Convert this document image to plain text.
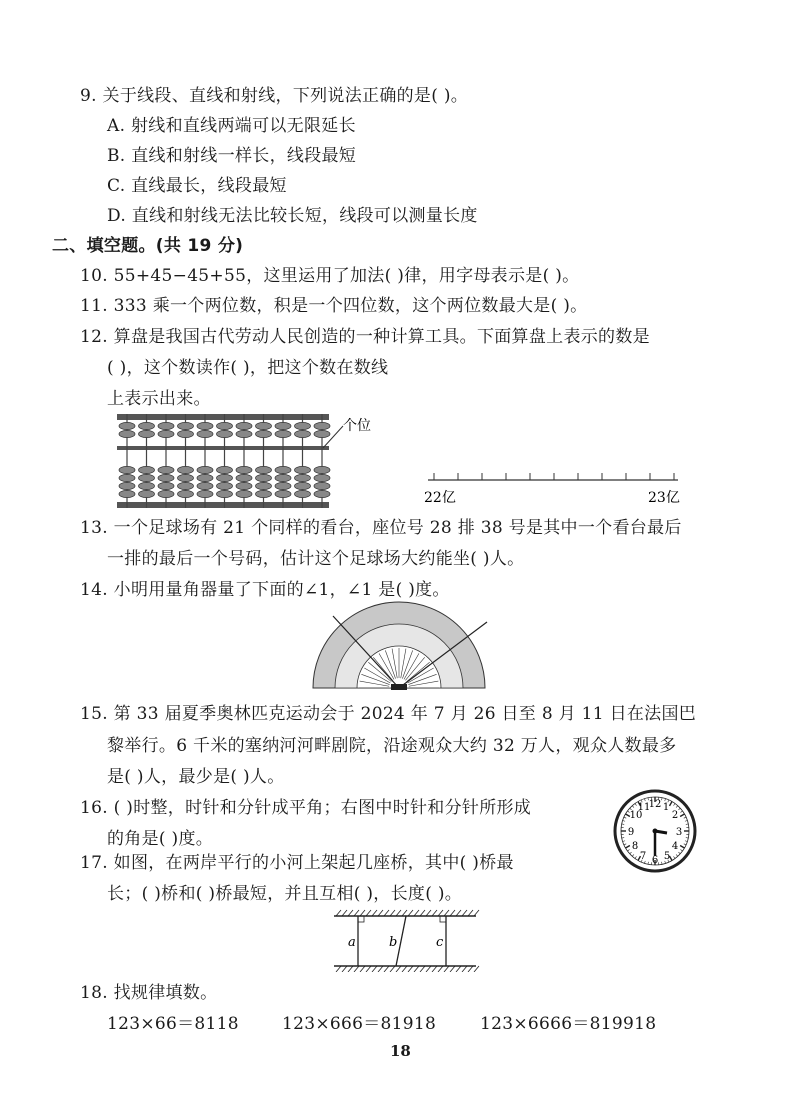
9. 关于线段、直线和射线，下列说法正确的是( )。
A. 射线和直线两端可以无限延长
B. 直线和射线一样长，线段最短
C. 直线最长，线段最短
D. 直线和射线无法比较长短，线段可以测量长度
二、填空题。(共 19 分)
10. 55+45−45+55，这里运用了加法( )律，用字母表示是( )。
11. 333 乘一个两位数，积是一个四位数，这个两位数最大是( )。
12. 算盘是我国古代劳动人民创造的一种计算工具。下面算盘上表示的数是
( )，这个数读作( )，把这个数在数线
上表示出来。
个位
22亿	23亿
13. 一个足球场有 21 个同样的看台，座位号 28 排 38 号是其中一个看台最后
一排的最后一个号码，估计这个足球场大约能坐( )人。
14. 小明用量角器量了下面的∠1，∠1 是( )度。
15. 第 33 届夏季奥林匹克运动会于 2024 年 7 月 26 日至 8 月 11 日在法国巴
黎举行。6 千米的塞纳河河畔剧院，沿途观众大约 32 万人，观众人数最多
是( )人，最少是( )人。
16. ( )时整，时针和分针成平角；右图中时针和分针所形成
的角是( )度。
12 1
2
3
4
5
6
7
8
9
10
11
17. 如图，在两岸平行的小河上架起几座桥，其中( )桥最
长；( )桥和( )桥最短，并且互相( )，长度( )。
a	b	c
18. 找规律填数。
123×66＝8118	123×666＝81918	123×6666＝819918
18
